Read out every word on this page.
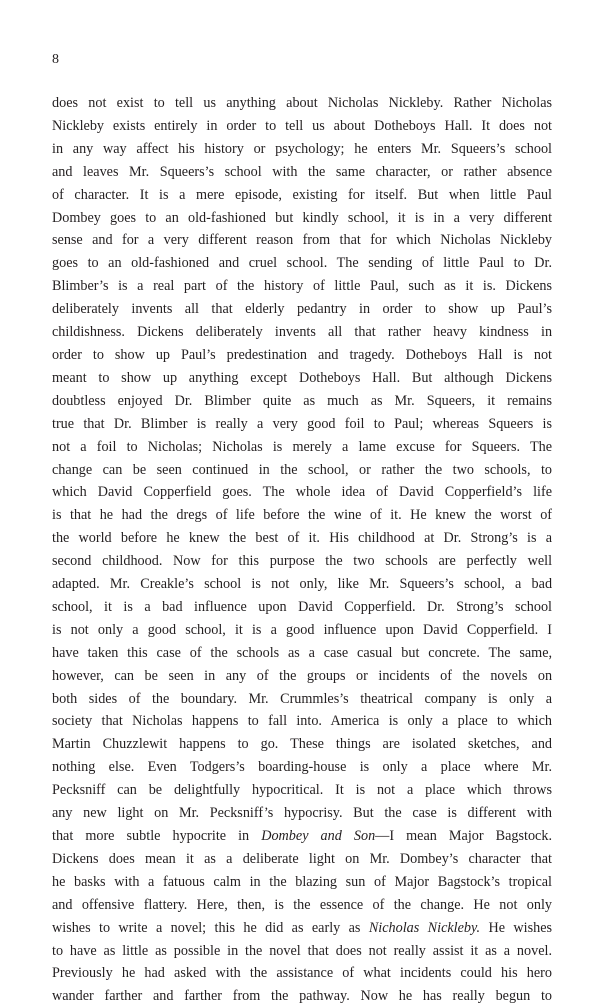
8
does not exist to tell us anything about Nicholas Nickleby. Rather Nicholas
Nickleby exists entirely in order to tell us about Dotheboys Hall. It does not
in any way affect his history or psychology; he enters Mr. Squeers’s school
and leaves Mr. Squeers’s school with the same character, or rather absence
of character. It is a mere episode, existing for itself. But when little Paul
Dombey goes to an old-fashioned but kindly school, it is in a very different
sense and for a very different reason from that for which Nicholas Nickleby
goes to an old-fashioned and cruel school. The sending of little Paul to Dr.
Blimber’s is a real part of the history of little Paul, such as it is. Dickens
deliberately invents all that elderly pedantry in order to show up Paul’s
childishness. Dickens deliberately invents all that rather heavy kindness in
order to show up Paul’s predestination and tragedy. Dotheboys Hall is not
meant to show up anything except Dotheboys Hall. But although Dickens
doubtless enjoyed Dr. Blimber quite as much as Mr. Squeers, it remains
true that Dr. Blimber is really a very good foil to Paul; whereas Squeers is
not a foil to Nicholas; Nicholas is merely a lame excuse for Squeers. The
change can be seen continued in the school, or rather the two schools, to
which David Copperfield goes. The whole idea of David Copperfield’s life
is that he had the dregs of life before the wine of it. He knew the worst of
the world before he knew the best of it. His childhood at Dr. Strong’s is a
second childhood. Now for this purpose the two schools are perfectly well
adapted. Mr. Creakle’s school is not only, like Mr. Squeers’s school, a bad
school, it is a bad influence upon David Copperfield. Dr. Strong’s school
is not only a good school, it is a good influence upon David Copperfield. I
have taken this case of the schools as a case casual but concrete. The same,
however, can be seen in any of the groups or incidents of the novels on
both sides of the boundary. Mr. Crummles’s theatrical company is only a
society that Nicholas happens to fall into. America is only a place to which
Martin Chuzzlewit happens to go. These things are isolated sketches, and
nothing else. Even Todgers’s boarding-house is only a place where Mr.
Pecksniff can be delightfully hypocritical. It is not a place which throws
any new light on Mr. Pecksniff’s hypocrisy. But the case is different with
that more subtle hypocrite in Dombey and Son—I mean Major Bagstock.
Dickens does mean it as a deliberate light on Mr. Dombey’s character that
he basks with a fatuous calm in the blazing sun of Major Bagstock’s tropical
and offensive flattery. Here, then, is the essence of the change. He not only
wishes to write a novel; this he did as early as Nicholas Nickleby. He wishes
to have as little as possible in the novel that does not really assist it as a novel.
Previously he had asked with the assistance of what incidents could his hero
wander farther and farther from the pathway. Now he has really begun to
